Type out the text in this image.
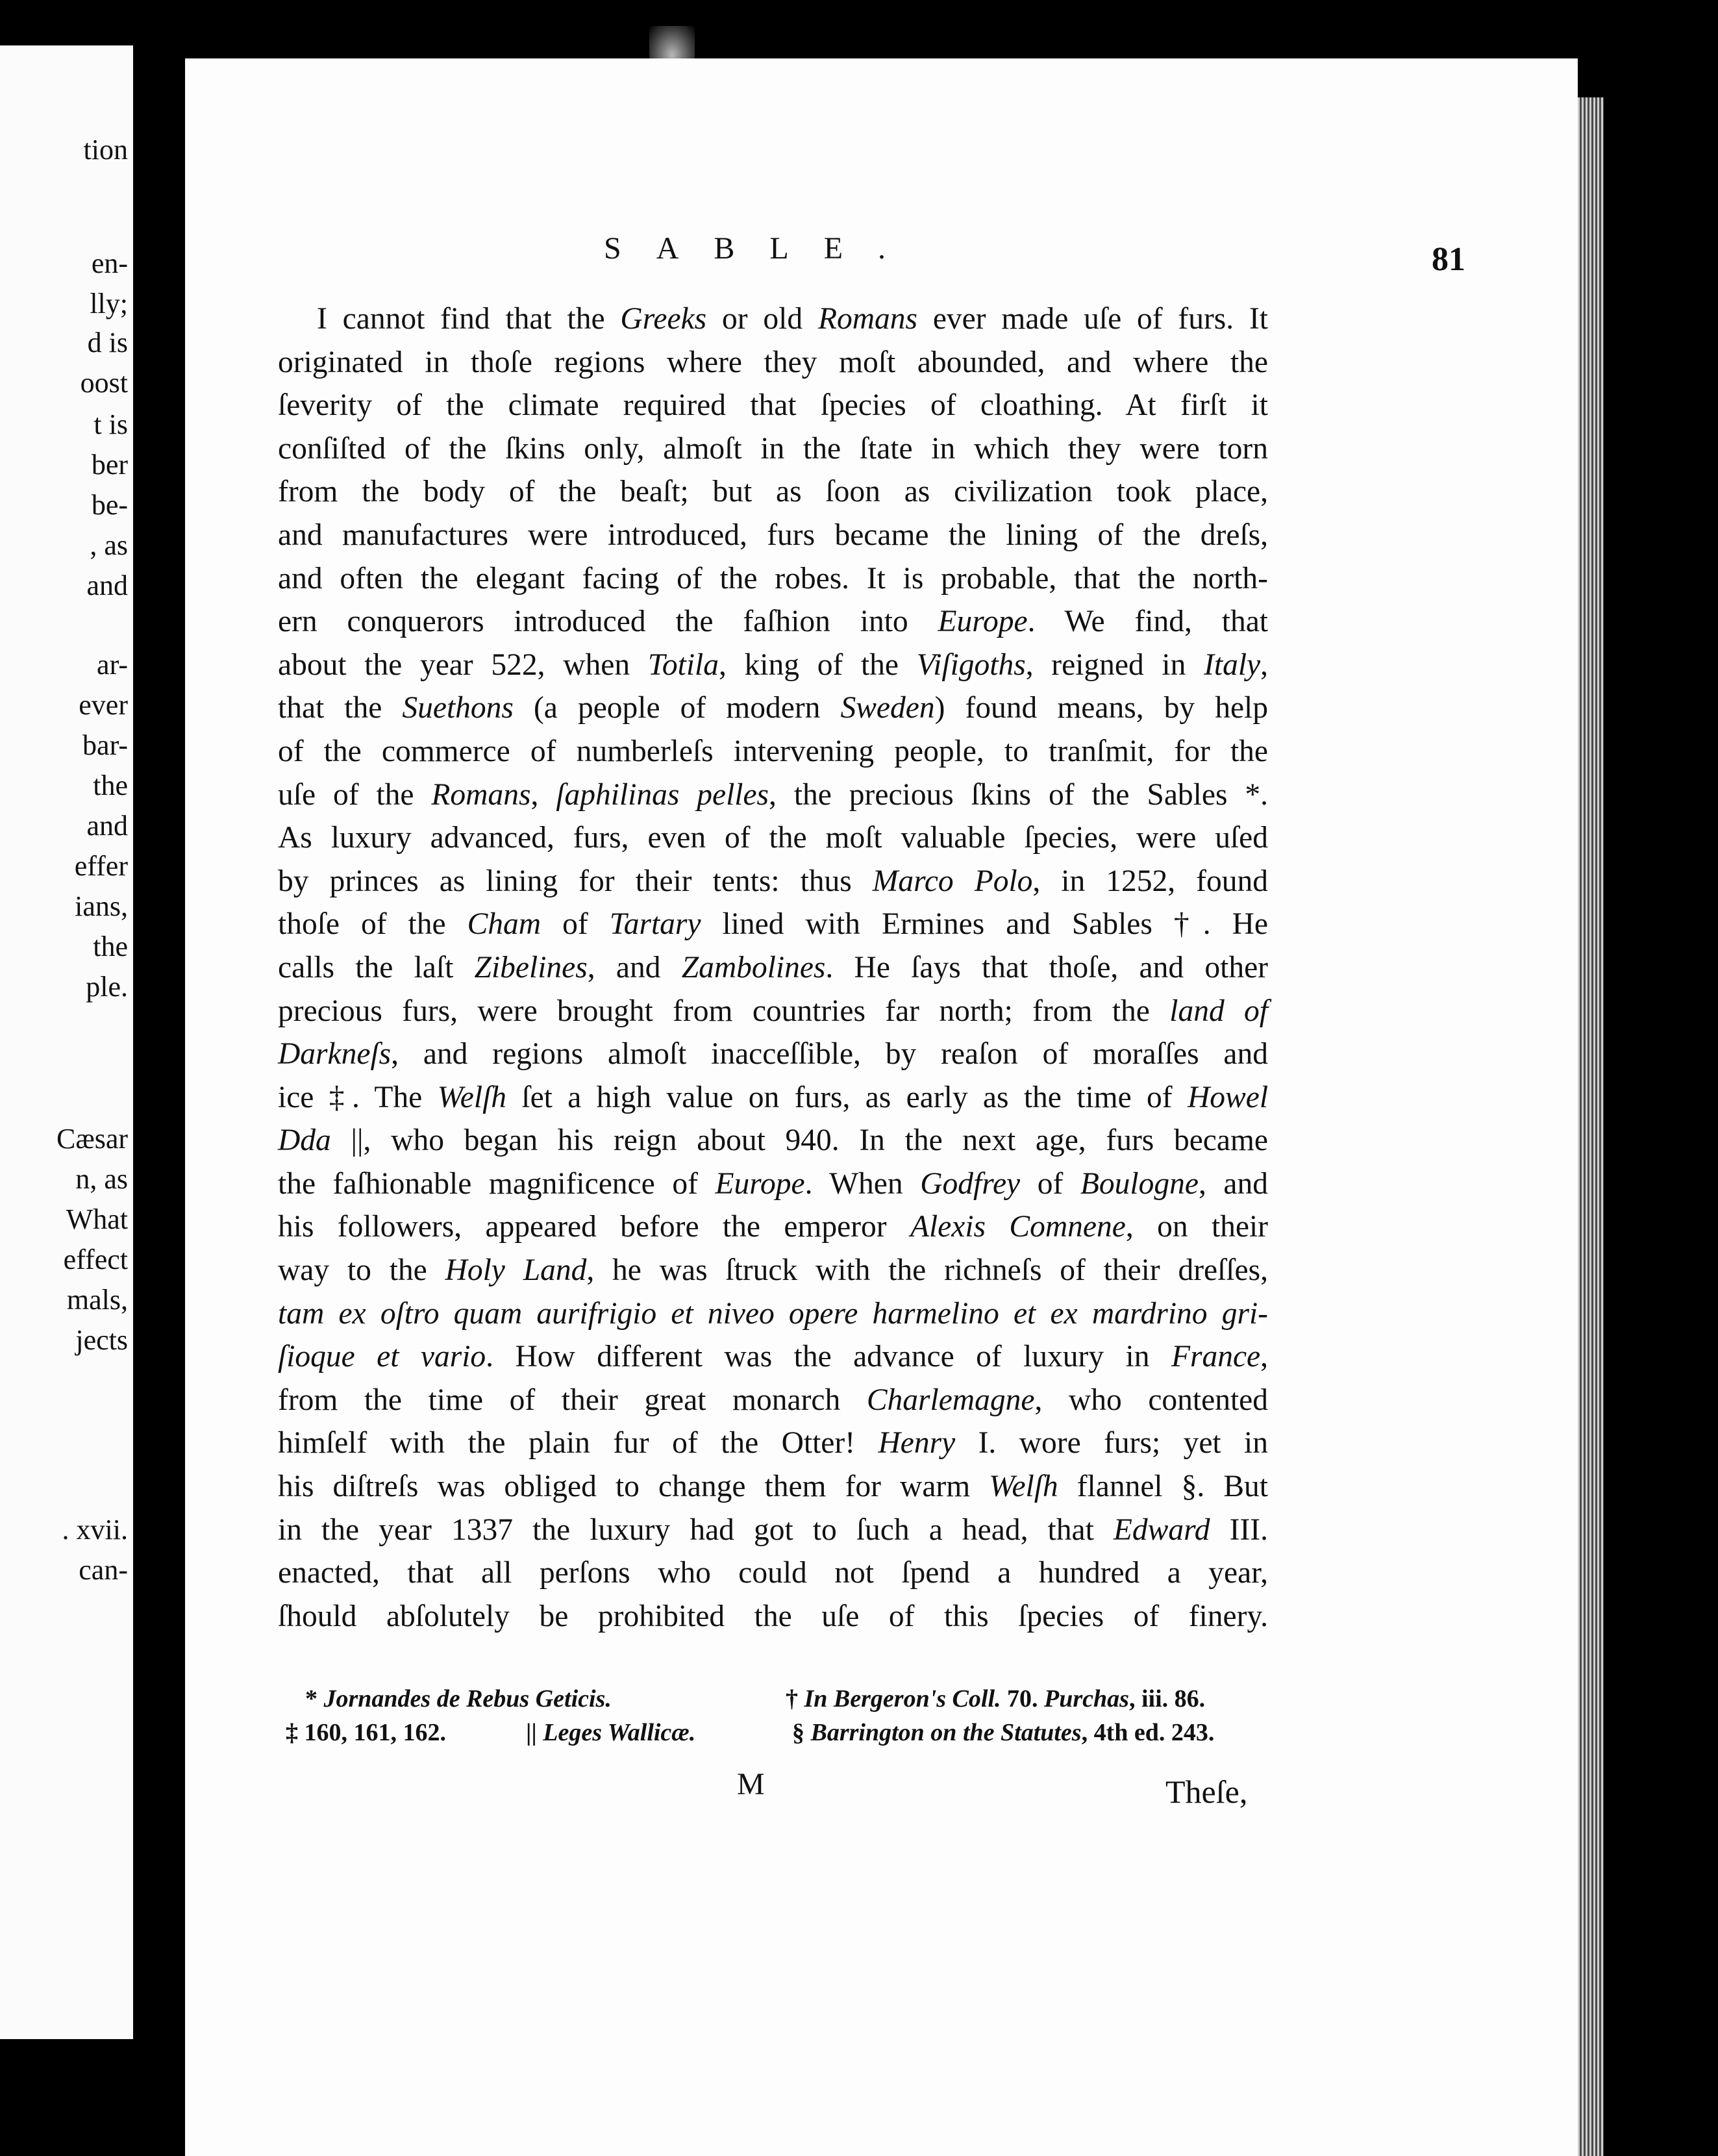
tion
en-
lly;
d is
oost
t is
ber
be-
, as
and
ar-
ever
bar-
the
and
effer
ians,
the
ple.
Cæsar
n, as
What
effect
mals,
jects
. xvii.
can-
SABLE.	81
I cannot find that the Greeks or old Romans ever made uſe of furs. It
originated in thoſe regions where they moſt abounded, and where the
ſeverity of the climate required that ſpecies of cloathing. At firſt it
conſiſted of the ſkins only, almoſt in the ſtate in which they were torn
from the body of the beaſt; but as ſoon as civilization took place,
and manufactures were introduced, furs became the lining of the dreſs,
and often the elegant facing of the robes. It is probable, that the north-
ern conquerors introduced the faſhion into Europe. We find, that
about the year 522, when Totila, king of the Viſigoths, reigned in Italy,
that the Suethons (a people of modern Sweden) found means, by help
of the commerce of numberleſs intervening people, to tranſmit, for the
uſe of the Romans, ſaphilinas pelles, the precious ſkins of the Sables *.
As luxury advanced, furs, even of the moſt valuable ſpecies, were uſed
by princes as lining for their tents: thus Marco Polo, in 1252, found
thoſe of the Cham of Tartary lined with Ermines and Sables †. He
calls the laſt Zibelines, and Zambolines. He ſays that thoſe, and other
precious furs, were brought from countries far north; from the land of
Darkneſs, and regions almoſt inacceſſible, by reaſon of moraſſes and
ice ‡. The Welſh ſet a high value on furs, as early as the time of Howel
Dda ||, who began his reign about 940. In the next age, furs became
the faſhionable magnificence of Europe. When Godfrey of Boulogne, and
his followers, appeared before the emperor Alexis Comnene, on their
way to the Holy Land, he was ſtruck with the richneſs of their dreſſes,
tam ex oſtro quam aurifrigio et niveo opere harmelino et ex mardrino gri-
ſioque et vario. How different was the advance of luxury in France,
from the time of their great monarch Charlemagne, who contented
himſelf with the plain fur of the Otter! Henry I. wore furs; yet in
his diſtreſs was obliged to change them for warm Welſh flannel §. But
in the year 1337 the luxury had got to ſuch a head, that Edward III.
enacted, that all perſons who could not ſpend a hundred a year,
ſhould abſolutely be prohibited the uſe of this ſpecies of finery.
* Jornandes de Rebus Geticis.	† In Bergeron's Coll. 70. Purchas, iii. 86.
‡ 160, 161, 162.	|| Leges Wallicæ.	§ Barrington on the Statutes, 4th ed. 243.
M	Theſe,
